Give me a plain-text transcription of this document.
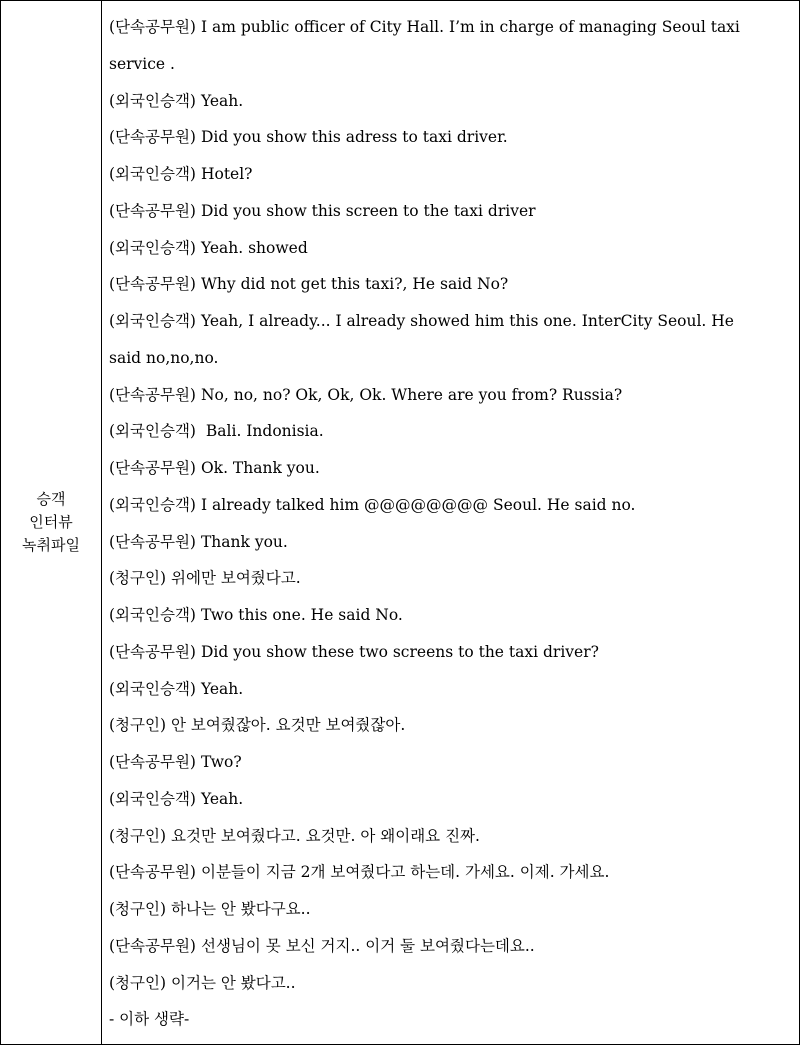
승객
인터뷰
녹취파일
(단속공무원) I am public officer of City Hall. I’m in charge of managing Seoul taxi
service .
(외국인승객) Yeah.
(단속공무원) Did you show this adress to taxi driver.
(외국인승객) Hotel?
(단속공무원) Did you show this screen to the taxi driver
(외국인승객) Yeah. showed
(단속공무원) Why did not get this taxi?, He said No?
(외국인승객) Yeah, I already... I already showed him this one. InterCity Seoul. He
said no,no,no.
(단속공무원) No, no, no? Ok, Ok, Ok. Where are you from? Russia?
(외국인승객) Bali. Indonisia.
(단속공무원) Ok. Thank you.
(외국인승객) I already talked him @@@@@@@@ Seoul. He said no.
(단속공무원) Thank you.
(청구인) 위에만 보여줬다고.
(외국인승객) Two this one. He said No.
(단속공무원) Did you show these two screens to the taxi driver?
(외국인승객) Yeah.
(청구인) 안 보여줬잖아. 요것만 보여줬잖아.
(단속공무원) Two?
(외국인승객) Yeah.
(청구인) 요것만 보여줬다고. 요것만. 아 왜이래요 진짜.
(단속공무원) 이분들이 지금 2개 보여줬다고 하는데. 가세요. 이제. 가세요.
(청구인) 하나는 안 봤다구요..
(단속공무원) 선생님이 못 보신 거지.. 이거 둘 보여줬다는데요..
(청구인) 이거는 안 봤다고..
- 이하 생략-
